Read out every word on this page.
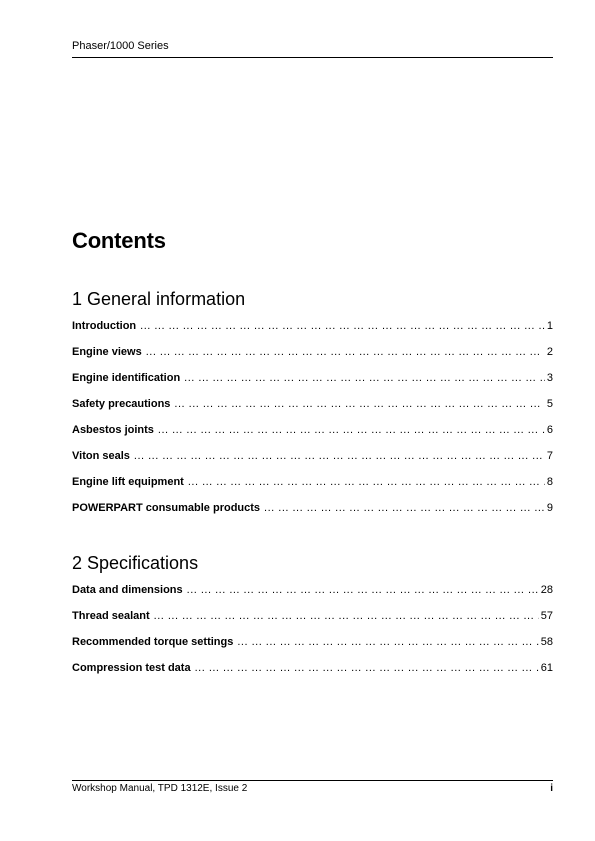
Phaser/1000 Series
Contents
1 General information
Introduction ... .	1
Engine views ... .	2
Engine identification ... .	3
Safety precautions ... .	5
Asbestos joints ... .	6
Viton seals ... .	7
Engine lift equipment ... .	8
POWERPART consumable products ... .	9
2 Specifications
Data and dimensions ... .	28
Thread sealant ... .	57
Recommended torque settings ... .	58
Compression test data ... .	61
Workshop Manual, TPD 1312E, Issue 2	i
